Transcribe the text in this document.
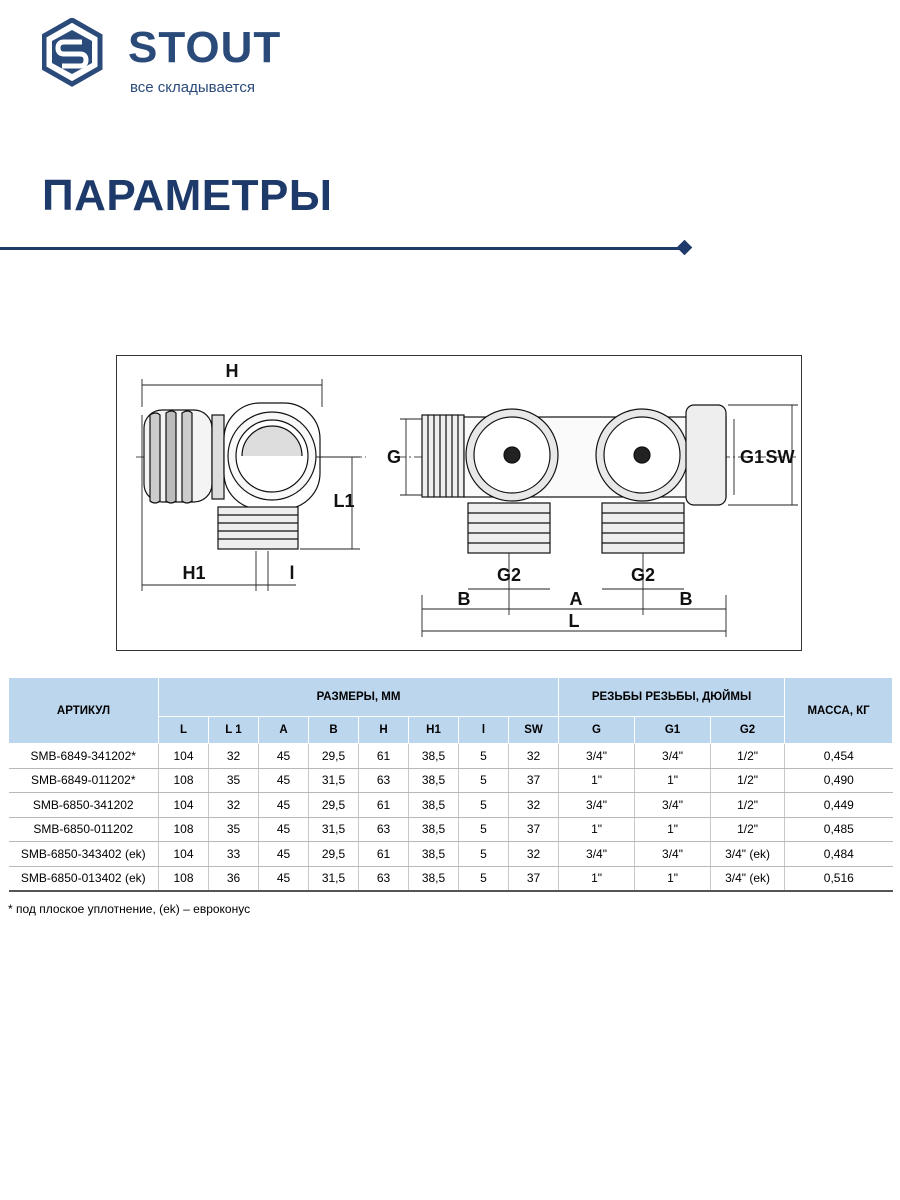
STOUT
все складывается
ПАРАМЕТРЫ
H
L1
H1	l
G
G2	G2
G1 SW
B	A	B
L
АРТИКУЛ	РАЗМЕРЫ, ММ								РЕЗЬБЫ РЕЗЬБЫ, ДЮЙМЫ			МАССА, КГ
	L	L 1	A	B	H	H1	l	SW	G	G1	G2	
SMB-6849-341202*	104	32	45	29,5	61	38,5	5	32	3/4"	3/4"	1/2"	0,454
SMB-6849-011202*	108	35	45	31,5	63	38,5	5	37	1"	1"	1/2"	0,490
SMB-6850-341202	104	32	45	29,5	61	38,5	5	32	3/4"	3/4"	1/2"	0,449
SMB-6850-011202	108	35	45	31,5	63	38,5	5	37	1"	1"	1/2"	0,485
SMB-6850-343402 (ek)	104	33	45	29,5	61	38,5	5	32	3/4"	3/4"	3/4" (ek)	0,484
SMB-6850-013402 (ek)	108	36	45	31,5	63	38,5	5	37	1"	1"	3/4" (ek)	0,516
* под плоское уплотнение, (ek) – евроконус
